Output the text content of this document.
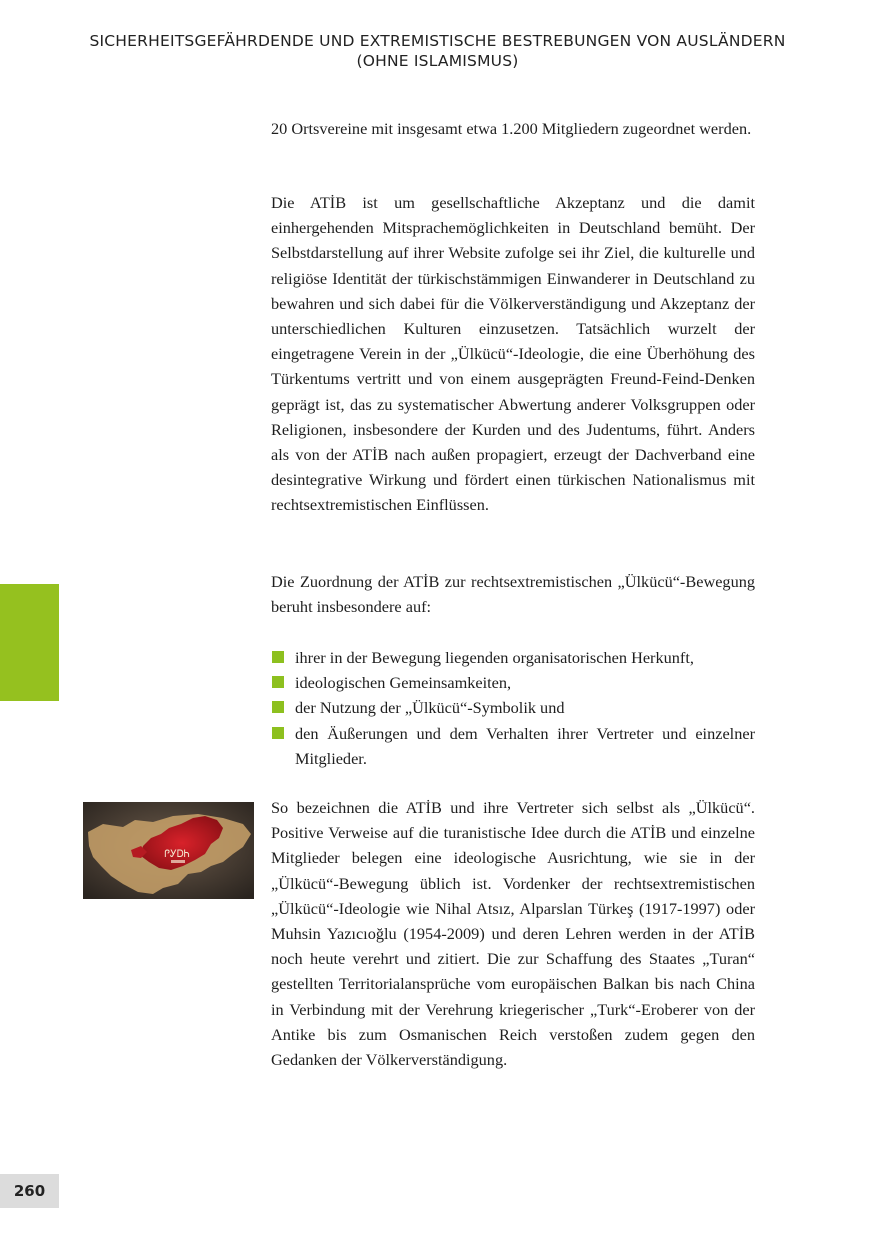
SICHERHEITSGEFÄHRDENDE UND EXTREMISTISCHE BESTREBUNGEN VON AUSLÄNDERN
(OHNE ISLAMISMUS)

20 Ortsvereine mit insgesamt etwa 1.200 Mitgliedern zugeordnet werden.

Die ATİB ist um gesellschaftliche Akzeptanz und die damit einhergehenden Mitsprachemöglichkeiten in Deutschland bemüht. Der Selbstdarstellung auf ihrer Website zufolge sei ihr Ziel, die kulturelle und religiöse Identität der türkischstämmigen Einwanderer in Deutschland zu bewahren und sich dabei für die Völkerverständigung und Akzeptanz der unterschiedlichen Kulturen einzusetzen. Tatsächlich wurzelt der eingetragene Verein in der „Ülkücü“-Ideologie, die eine Überhöhung des Türkentums vertritt und von einem ausgeprägten Freund-Feind-Denken geprägt ist, das zu systematischer Abwertung anderer Volksgruppen oder Religionen, insbesondere der Kurden und des Judentums, führt. Anders als von der ATİB nach außen propagiert, erzeugt der Dachverband eine desintegrative Wirkung und fördert einen türkischen Nationalismus mit rechtsextremistischen Einflüssen.

Die Zuordnung der ATİB zur rechtsextremistischen „Ülkücü“-Bewegung beruht insbesondere auf:

ihrer in der Bewegung liegenden organisatorischen Herkunft,
ideologischen Gemeinsamkeiten,
der Nutzung der „Ülkücü“-Symbolik und
den Äußerungen und dem Verhalten ihrer Vertreter und einzelner Mitglieder.
ᎵᎩᎠᏂ

So bezeichnen die ATİB und ihre Vertreter sich selbst als „Ülkücü“. Positive Verweise auf die turanistische Idee durch die ATİB und einzelne Mitglieder belegen eine ideologische Ausrichtung, wie sie in der „Ülkücü“-Bewegung üblich ist. Vordenker der rechtsextremistischen „Ülkücü“-Ideologie wie Nihal Atsız, Alparslan Türkeş (1917-1997) oder Muhsin Yazıcıoğlu (1954-2009) und deren Lehren werden in der ATİB noch heute verehrt und zitiert. Die zur Schaffung des Staates „Turan“ gestellten Territorialansprüche vom europäischen Balkan bis nach China in Verbindung mit der Verehrung kriegerischer „Turk“-Eroberer von der Antike bis zum Osmanischen Reich verstoßen zudem gegen den Gedanken der Völkerverständigung.

260
